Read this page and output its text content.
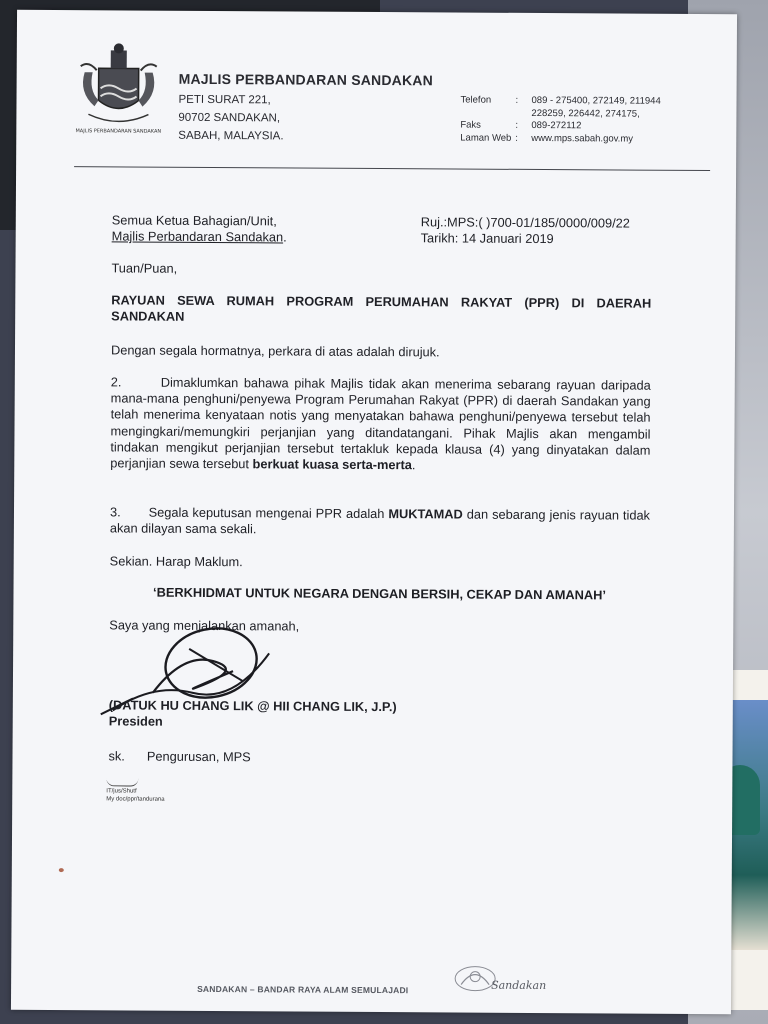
MAJLIS PERBANDARAN SANDAKAN
MAJLIS PERBANDARAN SANDAKAN
PETI SURAT 221,
90702 SANDAKAN,
SABAH, MALAYSIA.
Telefon	:	089 - 275400, 272149, 211944
228259, 226442, 274175,
Faks	:	089-272112
Laman Web :	www.mps.sabah.gov.my
Semua Ketua Bahagian/Unit,
Majlis Perbandaran Sandakan.
Ruj.:MPS:( )700-01/185/0000/009/22
Tarikh: 14 Januari 2019
Tuan/Puan,
RAYUAN SEWA RUMAH PROGRAM PERUMAHAN RAKYAT (PPR) DI DAERAH SANDAKAN
Dengan segala hormatnya, perkara di atas adalah dirujuk.
2.	Dimaklumkan bahawa pihak Majlis tidak akan menerima sebarang rayuan daripada mana-mana penghuni/penyewa Program Perumahan Rakyat (PPR) di daerah Sandakan yang telah menerima kenyataan notis yang menyatakan bahawa penghuni/penyewa tersebut telah mengingkari/memungkiri perjanjian yang ditandatangani. Pihak Majlis akan mengambil tindakan mengikut perjanjian tersebut tertakluk kepada klausa (4) yang dinyatakan dalam perjanjian sewa tersebut berkuat kuasa serta-merta.
3. Segala keputusan mengenai PPR adalah MUKTAMAD dan sebarang jenis rayuan tidak akan dilayan sama sekali.
Sekian. Harap Maklum.
‘BERKHIDMAT UNTUK NEGARA DENGAN BERSIH, CEKAP DAN AMANAH’
Saya yang menjalankan amanah,
(DATUK HU CHANG LIK @ HII CHANG LIK, J.P.)
Presiden
sk. Pengurusan, MPS
IT/jus/Shutf
My doc/ppr/tandurana
SANDAKAN – BANDAR RAYA ALAM SEMULAJADI	Sandakan
